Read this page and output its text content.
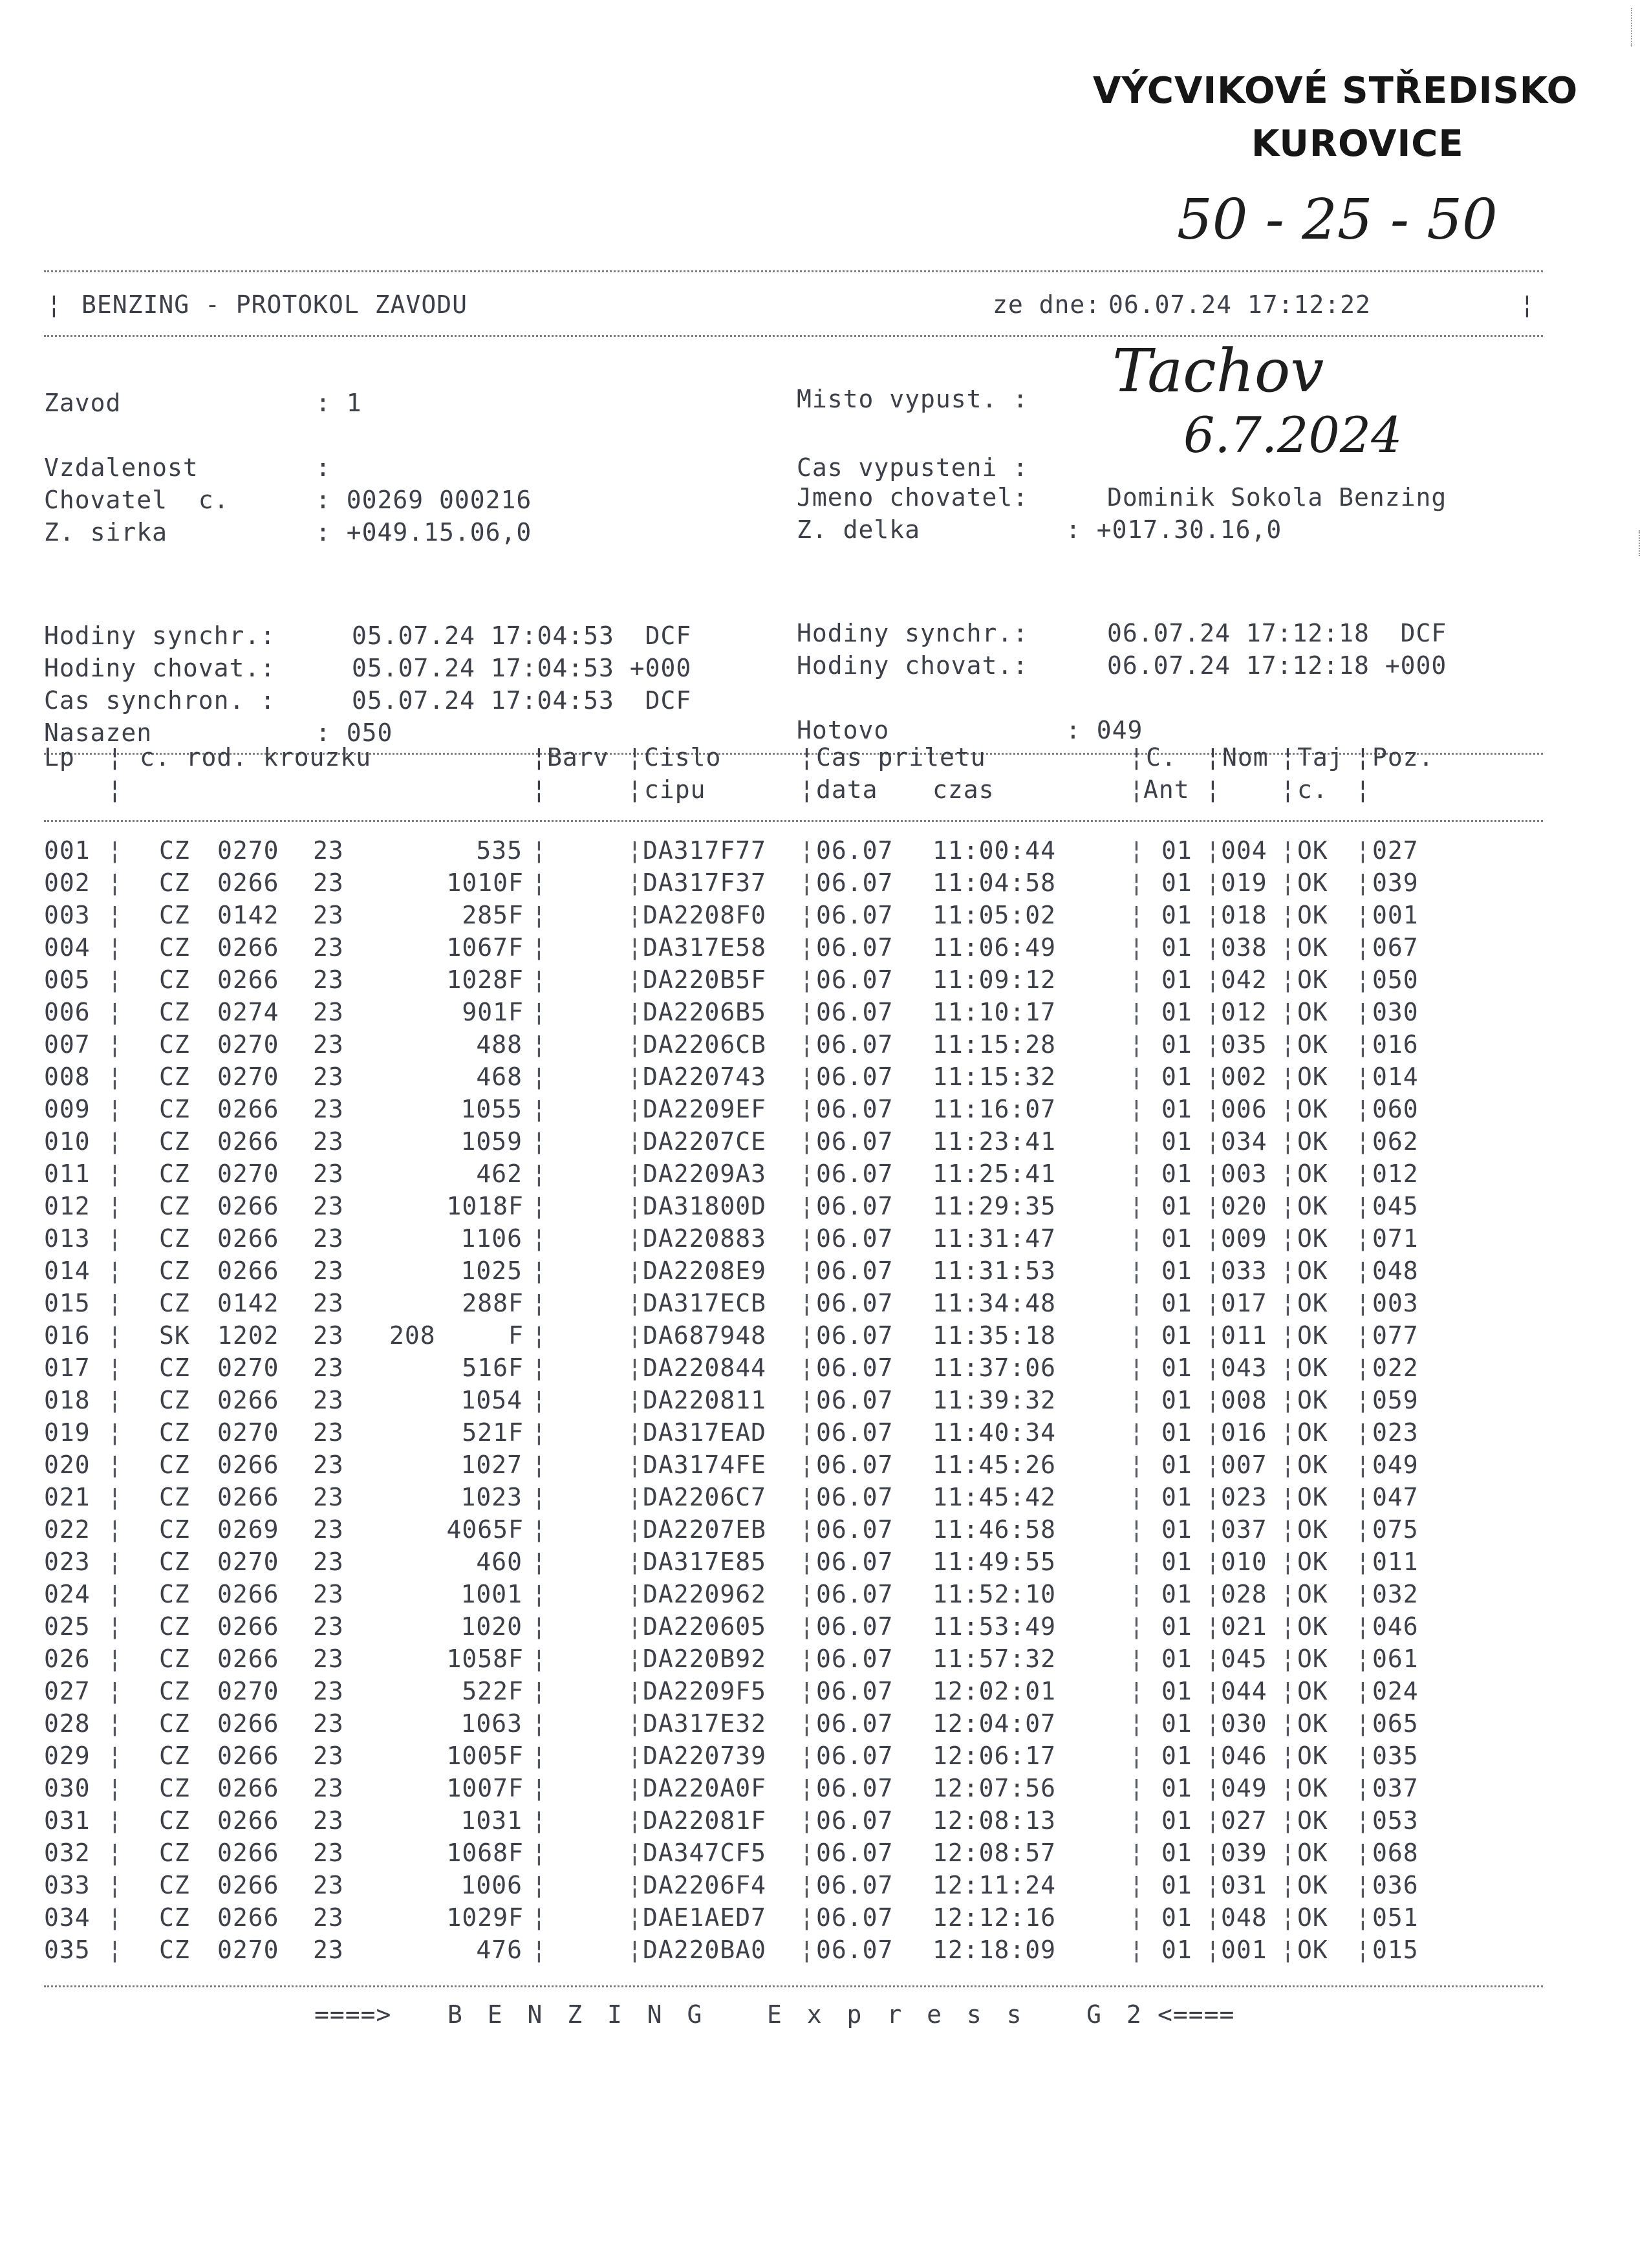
VÝCVIKOVÉ STŘEDISKO
KUROVICE
50 - 25 - 50
¦ BENZING - PROTOKOL ZAVODU	ze dne: 06.07.24 17:12:22	¦
Tachov
6.7.2024
Zavod	: 1	Misto vypust. :
Vzdalenost	:	Cas vypusteni :
Chovatel  c.	: 00269 000216	Jmeno chovatel:	Dominik Sokola Benzing
Z. sirka	: +049.15.06,0	Z. delka	: +017.30.16,0
Hodiny synchr.:	05.07.24 17:04:53  DCF	Hodiny synchr.:	06.07.24 17:12:18  DCF
Hodiny chovat.:	05.07.24 17:04:53 +000	Hodiny chovat.:	06.07.24 17:12:18 +000
Cas synchron. :	05.07.24 17:04:53  DCF
Nasazen	: 050	Hotovo	: 049
Lp ¦ c. rod. krouzku	¦ Barv ¦ Cislo	¦ Cas priletu	¦ C. ¦ Nom ¦ Taj ¦ Poz.
¦	¦	¦ cipu	¦ data czas	¦
Ant ¦ ¦ c. ¦
001 ¦ CZ 0270 23	535 ¦	¦ DA317F77 ¦ 06.07 11:00:44	¦ 01 ¦ 004 ¦ OK ¦ 027
002 ¦ CZ 0266 23	1010 F ¦	¦ DA317F37 ¦ 06.07 11:04:58	¦ 01 ¦ 019 ¦ OK ¦ 039
003 ¦ CZ 0142 23	285 F ¦	¦ DA2208F0 ¦ 06.07 11:05:02	¦ 01 ¦ 018 ¦ OK ¦ 001
004 ¦ CZ 0266 23	1067 F ¦	¦ DA317E58 ¦ 06.07 11:06:49	¦ 01 ¦ 038 ¦ OK ¦ 067
005 ¦ CZ 0266 23	1028 F ¦	¦ DA220B5F ¦ 06.07 11:09:12	¦ 01 ¦ 042 ¦ OK ¦ 050
006 ¦ CZ 0274 23	901 F ¦	¦ DA2206B5 ¦ 06.07 11:10:17	¦ 01 ¦ 012 ¦ OK ¦ 030
007 ¦ CZ 0270 23	488 ¦	¦ DA2206CB ¦ 06.07 11:15:28	¦ 01 ¦ 035 ¦ OK ¦ 016
008 ¦ CZ 0270 23	468 ¦	¦ DA220743 ¦ 06.07 11:15:32	¦ 01 ¦ 002 ¦ OK ¦ 014
009 ¦ CZ 0266 23	1055 ¦	¦ DA2209EF ¦ 06.07 11:16:07	¦ 01 ¦ 006 ¦ OK ¦ 060
010 ¦ CZ 0266 23	1059 ¦	¦ DA2207CE ¦ 06.07 11:23:41	¦ 01 ¦ 034 ¦ OK ¦ 062
011 ¦ CZ 0270 23	462 ¦	¦ DA2209A3 ¦ 06.07 11:25:41	¦ 01 ¦ 003 ¦ OK ¦ 012
012 ¦ CZ 0266 23	1018 F ¦	¦ DA31800D ¦ 06.07 11:29:35	¦ 01 ¦ 020 ¦ OK ¦ 045
013 ¦ CZ 0266 23	1106 ¦	¦ DA220883 ¦ 06.07 11:31:47	¦ 01 ¦ 009 ¦ OK ¦ 071
014 ¦ CZ 0266 23	1025 ¦	¦ DA2208E9 ¦ 06.07 11:31:53	¦ 01 ¦ 033 ¦ OK ¦ 048
015 ¦ CZ 0142 23	288 F ¦	¦ DA317ECB ¦ 06.07 11:34:48	¦ 01 ¦ 017 ¦ OK ¦ 003
016 ¦ SK 1202 23 208	F ¦	¦ DA687948 ¦ 06.07 11:35:18	¦ 01 ¦ 011 ¦ OK ¦ 077
017 ¦ CZ 0270 23	516 F ¦	¦ DA220844 ¦ 06.07 11:37:06	¦ 01 ¦ 043 ¦ OK ¦ 022
018 ¦ CZ 0266 23	1054 ¦	¦ DA220811 ¦ 06.07 11:39:32	¦ 01 ¦ 008 ¦ OK ¦ 059
019 ¦ CZ 0270 23	521 F ¦	¦ DA317EAD ¦ 06.07 11:40:34	¦ 01 ¦ 016 ¦ OK ¦ 023
020 ¦ CZ 0266 23	1027 ¦	¦ DA3174FE ¦ 06.07 11:45:26	¦ 01 ¦ 007 ¦ OK ¦ 049
021 ¦ CZ 0266 23	1023 ¦	¦ DA2206C7 ¦ 06.07 11:45:42	¦ 01 ¦ 023 ¦ OK ¦ 047
022 ¦ CZ 0269 23	4065 F ¦	¦ DA2207EB ¦ 06.07 11:46:58	¦ 01 ¦ 037 ¦ OK ¦ 075
023 ¦ CZ 0270 23	460 ¦	¦ DA317E85 ¦ 06.07 11:49:55	¦ 01 ¦ 010 ¦ OK ¦ 011
024 ¦ CZ 0266 23	1001 ¦	¦ DA220962 ¦ 06.07 11:52:10	¦ 01 ¦ 028 ¦ OK ¦ 032
025 ¦ CZ 0266 23	1020 ¦	¦ DA220605 ¦ 06.07 11:53:49	¦ 01 ¦ 021 ¦ OK ¦ 046
026 ¦ CZ 0266 23	1058 F ¦	¦ DA220B92 ¦ 06.07 11:57:32	¦ 01 ¦ 045 ¦ OK ¦ 061
027 ¦ CZ 0270 23	522 F ¦	¦ DA2209F5 ¦ 06.07 12:02:01	¦ 01 ¦ 044 ¦ OK ¦ 024
028 ¦ CZ 0266 23	1063 ¦	¦ DA317E32 ¦ 06.07 12:04:07	¦ 01 ¦ 030 ¦ OK ¦ 065
029 ¦ CZ 0266 23	1005 F ¦	¦ DA220739 ¦ 06.07 12:06:17	¦ 01 ¦ 046 ¦ OK ¦ 035
030 ¦ CZ 0266 23	1007 F ¦	¦ DA220A0F ¦ 06.07 12:07:56	¦ 01 ¦ 049 ¦ OK ¦ 037
031 ¦ CZ 0266 23	1031 ¦	¦ DA22081F ¦ 06.07 12:08:13	¦ 01 ¦ 027 ¦ OK ¦ 053
032 ¦ CZ 0266 23	1068 F ¦	¦ DA347CF5 ¦ 06.07 12:08:57	¦ 01 ¦ 039 ¦ OK ¦ 068
033 ¦ CZ 0266 23	1006 ¦	¦ DA2206F4 ¦ 06.07 12:11:24	¦ 01 ¦ 031 ¦ OK ¦ 036
034 ¦ CZ 0266 23	1029 F ¦	¦ DAE1AED7 ¦ 06.07 12:12:16	¦ 01 ¦ 048 ¦ OK ¦ 051
035 ¦ CZ 0270 23	476 ¦	¦ DA220BA0 ¦ 06.07 12:18:09	¦ 01 ¦ 001 ¦ OK ¦ 015
====> B E N Z I N G   E x p r e s s   G 2 <====
